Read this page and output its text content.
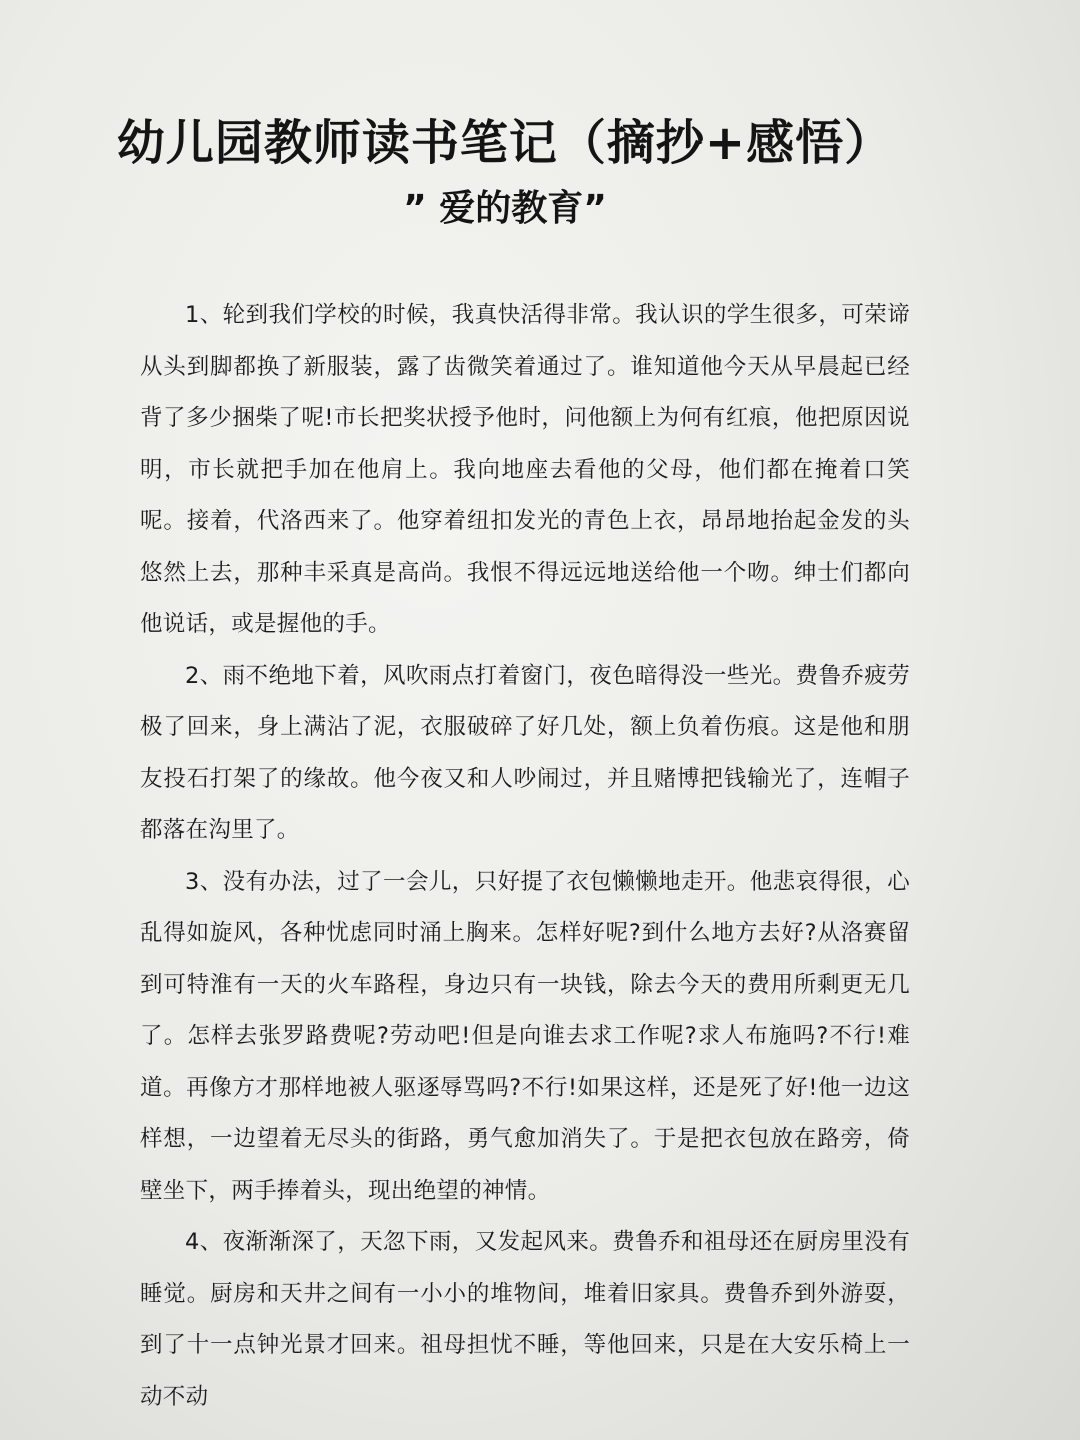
幼儿园教师读书笔记（摘抄+感悟）
” 爱的教育”

1、轮到我们学校的时候，我真快活得非常。我认识的学生很多，可荣谛从头到脚都换了新服装，露了齿微笑着通过了。谁知道他今天从早晨起已经背了多少捆柴了呢!市长把奖状授予他时，问他额上为何有红痕，他把原因说明，市长就把手加在他肩上。我向地座去看他的父母，他们都在掩着口笑呢。接着，代洛西来了。他穿着纽扣发光的青色上衣，昂昂地抬起金发的头悠然上去，那种丰采真是高尚。我恨不得远远地送给他一个吻。绅士们都向他说话，或是握他的手。

2、雨不绝地下着，风吹雨点打着窗门，夜色暗得没一些光。费鲁乔疲劳极了回来，身上满沾了泥，衣服破碎了好几处，额上负着伤痕。这是他和朋友投石打架了的缘故。他今夜又和人吵闹过，并且赌博把钱输光了，连帽子都落在沟里了。

3、没有办法，过了一会儿，只好提了衣包懒懒地走开。他悲哀得很，心乱得如旋风，各种忧虑同时涌上胸来。怎样好呢?到什么地方去好?从洛赛留到可特淮有一天的火车路程，身边只有一块钱，除去今天的费用所剩更无几了。怎样去张罗路费呢?劳动吧!但是向谁去求工作呢?求人布施吗?不行!难道。再像方才那样地被人驱逐辱骂吗?不行!如果这样，还是死了好!他一边这样想，一边望着无尽头的街路，勇气愈加消失了。于是把衣包放在路旁，倚壁坐下，两手捧着头，现出绝望的神情。

4、夜渐渐深了，天忽下雨，又发起风来。费鲁乔和祖母还在厨房里没有睡觉。厨房和天井之间有一小小的堆物间，堆着旧家具。费鲁乔到外游耍，到了十一点钟光景才回来。祖母担忧不睡，等他回来，只是在大安乐椅上一动不动
